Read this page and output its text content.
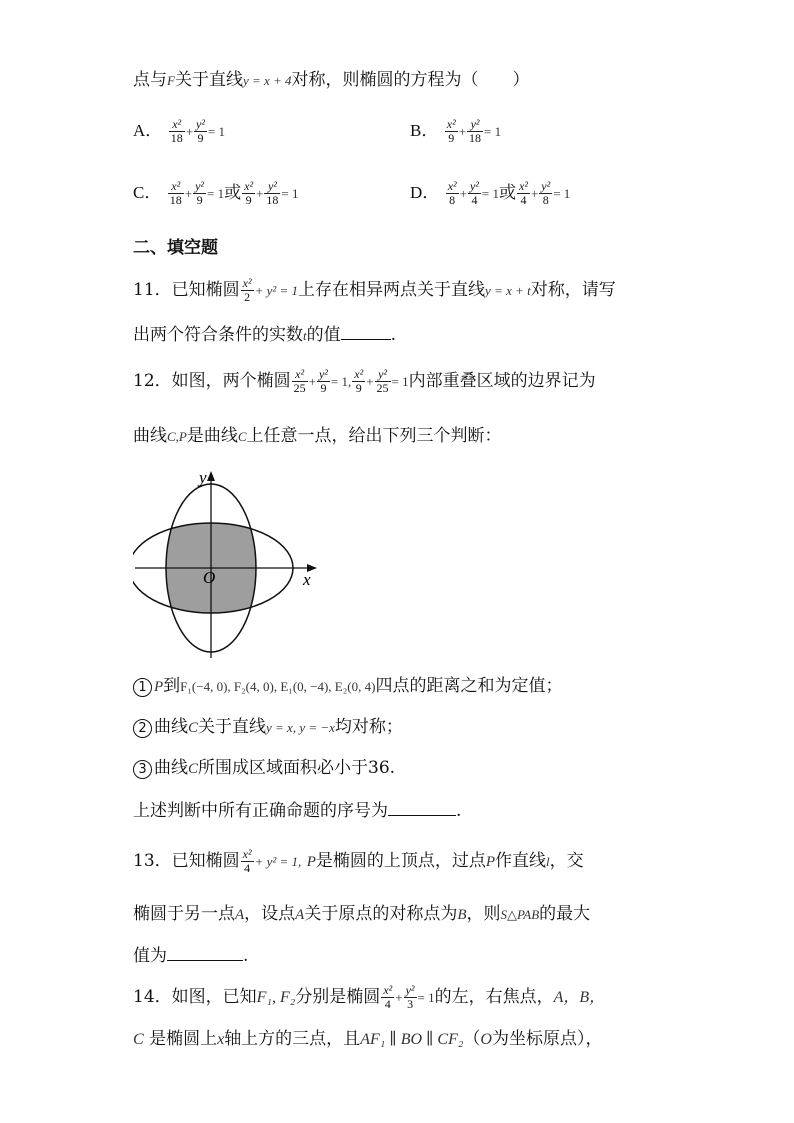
点与F关于直线y = x + 4对称，则椭圆的方程为（　　）
A． $\frac{\text{x²}}{18} + \frac{\text{y²}}{9} = 1$	B． $\frac{\text{x²}}{9} + \frac{\text{y²}}{18} = 1$
C． $\frac{\text{x²}}{18} + \frac{\text{y²}}{9} = 1$或 $\frac{\text{x²}}{9} + \frac{\text{y²}}{18} = 1$	D． $\frac{\text{x²}}{8} + \frac{\text{y²}}{4} = 1$或 $\frac{\text{x²}}{4} + \frac{\text{y²}}{8} = 1$
二、填空题
11．已知椭圆 $\frac{\text{x²}}{2} + y^2 = 1$上存在相异两点关于直线y = x + t对称，请写
出两个符合条件的实数t的值	.
12．如图，两个椭圆 $\frac{\text{x²}}{25} + \frac{\text{y²}}{9} = 1$, $\frac{\text{x²}}{9} + \frac{\text{y²}}{25} = 1$内部重叠区域的边界记为
曲线C,P是曲线C上任意一点，给出下列三个判断：
y
x
O
1 P到F₁(−4, 0), F₂(4, 0), E₁(0, −4), E₂(0, 4)四点的距离之和为定值；
2 曲线C关于直线y = x, y = −x均对称；
3 曲线C所围成区域面积必小于36.
上述判断中所有正确命题的序号为	.
13．已知椭圆 $\frac{\text{x²}}{4} + y^2 = 1$, P是椭圆的上顶点，过点P作直线l，交
椭圆于另一点A，设点A关于原点的对称点为B，则S△PAB的最大
值为	.
14．如图，已知F₁, F₂分别是椭圆 $\frac{\text{x²}}{4} + \frac{\text{y²}}{3} = 1$的左，右焦点，A，B，
C 是椭圆上x轴上方的三点，且AF₁ ∥ BO ∥ CF₂（O为坐标原点），
